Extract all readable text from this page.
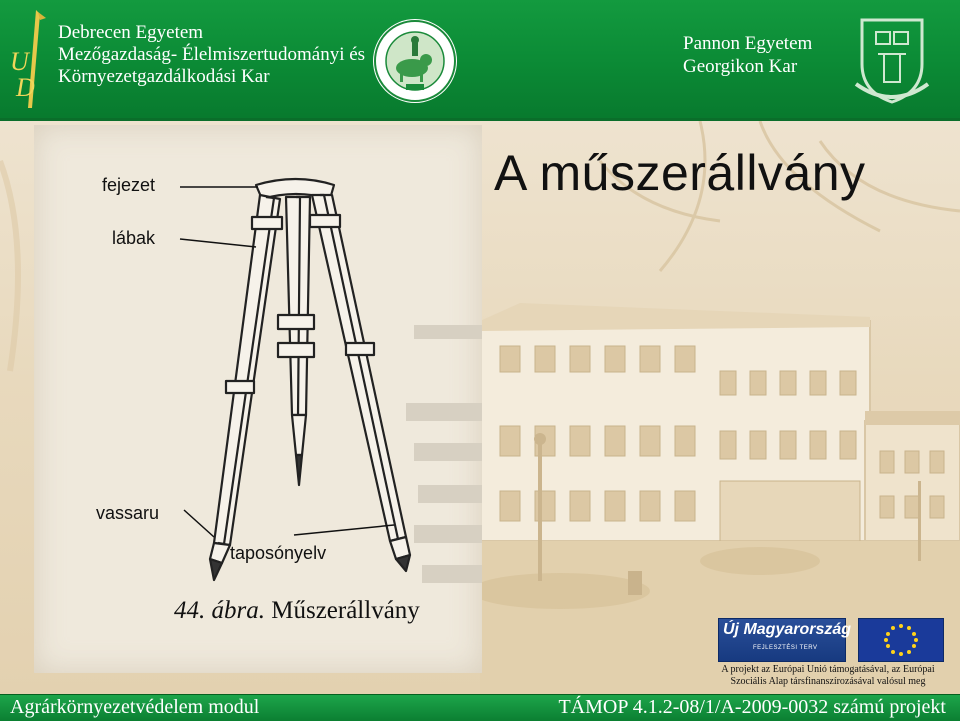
U
D
Debrecen Egyetem
Mezőgazdaság- Élelmiszertudományi és
Környezetgazdálkodási Kar
Pannon Egyetem
Georgikon Kar
A műszerállvány
fejezet
lábak
vassaru
taposónyelv
44. ábra. Műszerállvány
Új Magyarország
FEJLESZTÉSI TERV
A projekt az Európai Unió támogatásával, az Európai Szociális Alap társfinanszírozásával valósul meg
Agrárkörnyezetvédelem modul	TÁMOP 4.1.2-08/1/A-2009-0032 számú projekt
